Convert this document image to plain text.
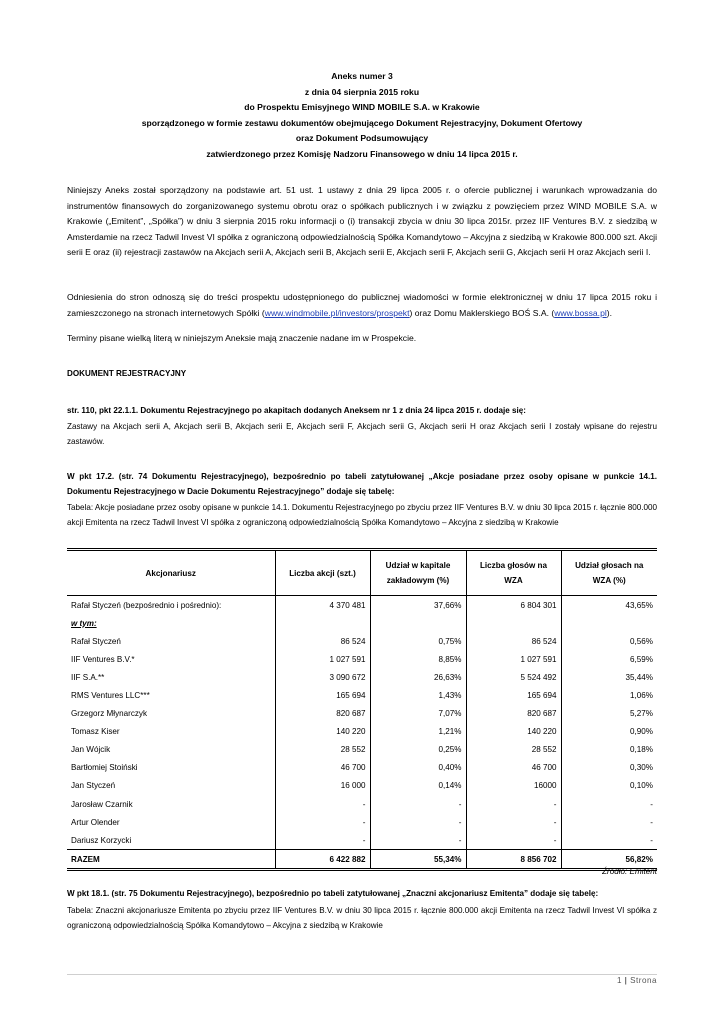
Aneks numer 3
z dnia 04 sierpnia 2015 roku
do Prospektu Emisyjnego WIND MOBILE S.A. w Krakowie
sporządzonego w formie zestawu dokumentów obejmującego Dokument Rejestracyjny, Dokument Ofertowy
oraz Dokument Podsumowujący
zatwierdzonego przez Komisję Nadzoru Finansowego w dniu 14 lipca 2015 r.
Niniejszy Aneks został sporządzony na podstawie art. 51 ust. 1 ustawy z dnia 29 lipca 2005 r. o ofercie publicznej i warunkach wprowadzania do instrumentów finansowych do zorganizowanego systemu obrotu oraz o spółkach publicznych i w związku z powzięciem przez WIND MOBILE S.A. w Krakowie („Emitent”, „Spółka”) w dniu 3 sierpnia 2015 roku informacji o (i) transakcji zbycia w dniu 30 lipca 2015r. przez IIF Ventures B.V. z siedzibą w Amsterdamie na rzecz Tadwil Invest VI spółka z ograniczoną odpowiedzialnością Spółka Komandytowo – Akcyjna z siedzibą w Krakowie 800.000 szt. Akcji serii E oraz (ii) rejestracji zastawów na Akcjach serii A, Akcjach serii B, Akcjach serii E, Akcjach serii F, Akcjach serii G, Akcjach serii H oraz Akcjach serii I.
Odniesienia do stron odnoszą się do treści prospektu udostępnionego do publicznej wiadomości w formie elektronicznej w dniu 17 lipca 2015 roku i zamieszczonego na stronach internetowych Spółki (www.windmobile.pl/investors/prospekt) oraz Domu Maklerskiego BOŚ S.A. (www.bossa.pl).
Terminy pisane wielką literą w niniejszym Aneksie mają znaczenie nadane im w Prospekcie.
DOKUMENT REJESTRACYJNY
str. 110, pkt 22.1.1. Dokumentu Rejestracyjnego po akapitach dodanych Aneksem nr 1 z dnia 24 lipca 2015 r. dodaje się:
Zastawy na Akcjach serii A, Akcjach serii B, Akcjach serii E, Akcjach serii F, Akcjach serii G, Akcjach serii H oraz Akcjach serii I zostały wpisane do rejestru zastawów.
W pkt 17.2. (str. 74 Dokumentu Rejestracyjnego), bezpośrednio po tabeli zatytułowanej „Akcje posiadane przez osoby opisane w punkcie 14.1. Dokumentu Rejestracyjnego w Dacie Dokumentu Rejestracyjnego” dodaje się tabelę:
Tabela: Akcje posiadane przez osoby opisane w punkcie 14.1. Dokumentu Rejestracyjnego po zbyciu przez IIF Ventures B.V. w dniu 30 lipca 2015 r. łącznie 800.000 akcji Emitenta na rzecz Tadwil Invest VI spółka z ograniczoną odpowiedzialnością Spółka Komandytowo – Akcyjna z siedzibą w Krakowie
Akcjonariusz	Liczba akcji (szt.)	Udział w kapitale zakładowym (%)	Liczba głosów na WZA	Udział głosach na WZA (%)
Rafał Styczeń (bezpośrednio i pośrednio):	4 370 481	37,66%	6 804 301	43,65%
w tym:				
Rafał Styczeń	86 524	0,75%	86 524	0,56%
IIF Ventures B.V.*	1 027 591	8,85%	1 027 591	6,59%
IIF S.A.**	3 090 672	26,63%	5 524 492	35,44%
RMS Ventures LLC***	165 694	1,43%	165 694	1,06%
Grzegorz Młynarczyk	820 687	7,07%	820 687	5,27%
Tomasz Kiser	140 220	1,21%	140 220	0,90%
Jan Wójcik	28 552	0,25%	28 552	0,18%
Bartłomiej Stoiński	46 700	0,40%	46 700	0,30%
Jan Styczeń	16 000	0,14%	16000	0,10%
Jarosław Czarnik	-	-	-	-
Artur Olender	-	-	-	-
Dariusz Korzycki	-	-	-	-
RAZEM	6 422 882	55,34%	8 856 702	56,82%
Źródło: Emitent
W pkt 18.1. (str. 75 Dokumentu Rejestracyjnego), bezpośrednio po tabeli zatytułowanej „Znaczni akcjonariusz Emitenta” dodaje się tabelę:
Tabela: Znaczni akcjonariusze Emitenta po zbyciu przez IIF Ventures B.V. w dniu 30 lipca 2015 r. łącznie 800.000 akcji Emitenta na rzecz Tadwil Invest VI spółka z ograniczoną odpowiedzialnością Spółka Komandytowo – Akcyjna z siedzibą w Krakowie
1 | Strona
